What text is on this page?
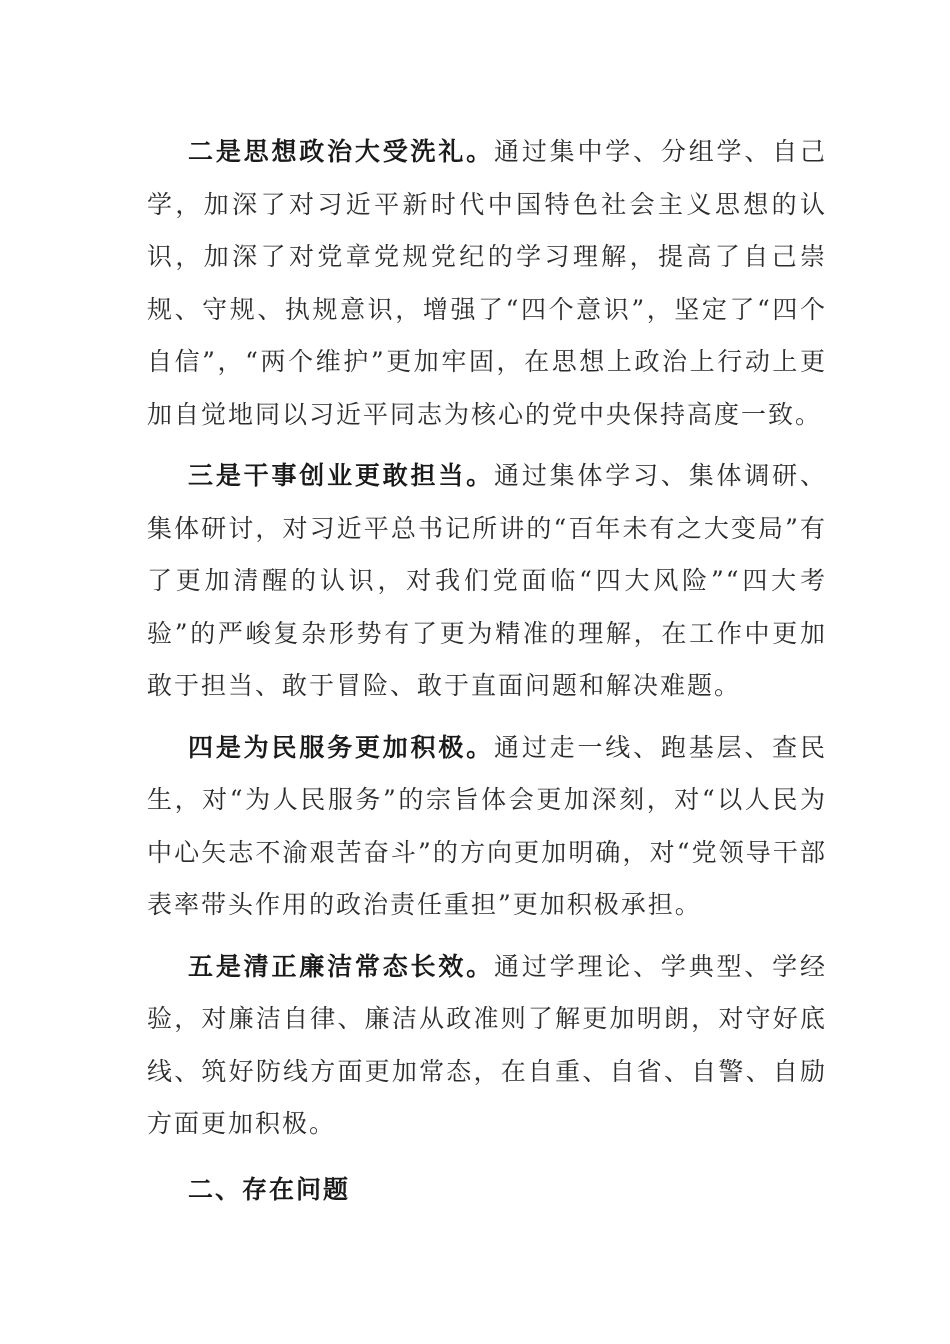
二是思想政治大受洗礼。通过集中学、分组学、自己学，加深了对习近平新时代中国特色社会主义思想的认识，加深了对党章党规党纪的学习理解，提高了自己崇规、守规、执规意识，增强了“四个意识”，坚定了“四个自信”，“两个维护”更加牢固，在思想上政治上行动上更加自觉地同以习近平同志为核心的党中央保持高度一致。

三是干事创业更敢担当。通过集体学习、集体调研、集体研讨，对习近平总书记所讲的“百年未有之大变局”有了更加清醒的认识，对我们党面临“四大风险”“四大考验”的严峻复杂形势有了更为精准的理解，在工作中更加敢于担当、敢于冒险、敢于直面问题和解决难题。

四是为民服务更加积极。通过走一线、跑基层、查民生，对“为人民服务”的宗旨体会更加深刻，对“以人民为中心矢志不渝艰苦奋斗”的方向更加明确，对“党领导干部表率带头作用的政治责任重担”更加积极承担。

五是清正廉洁常态长效。通过学理论、学典型、学经验，对廉洁自律、廉洁从政准则了解更加明朗，对守好底线、筑好防线方面更加常态，在自重、自省、自警、自励方面更加积极。

二、存在问题
